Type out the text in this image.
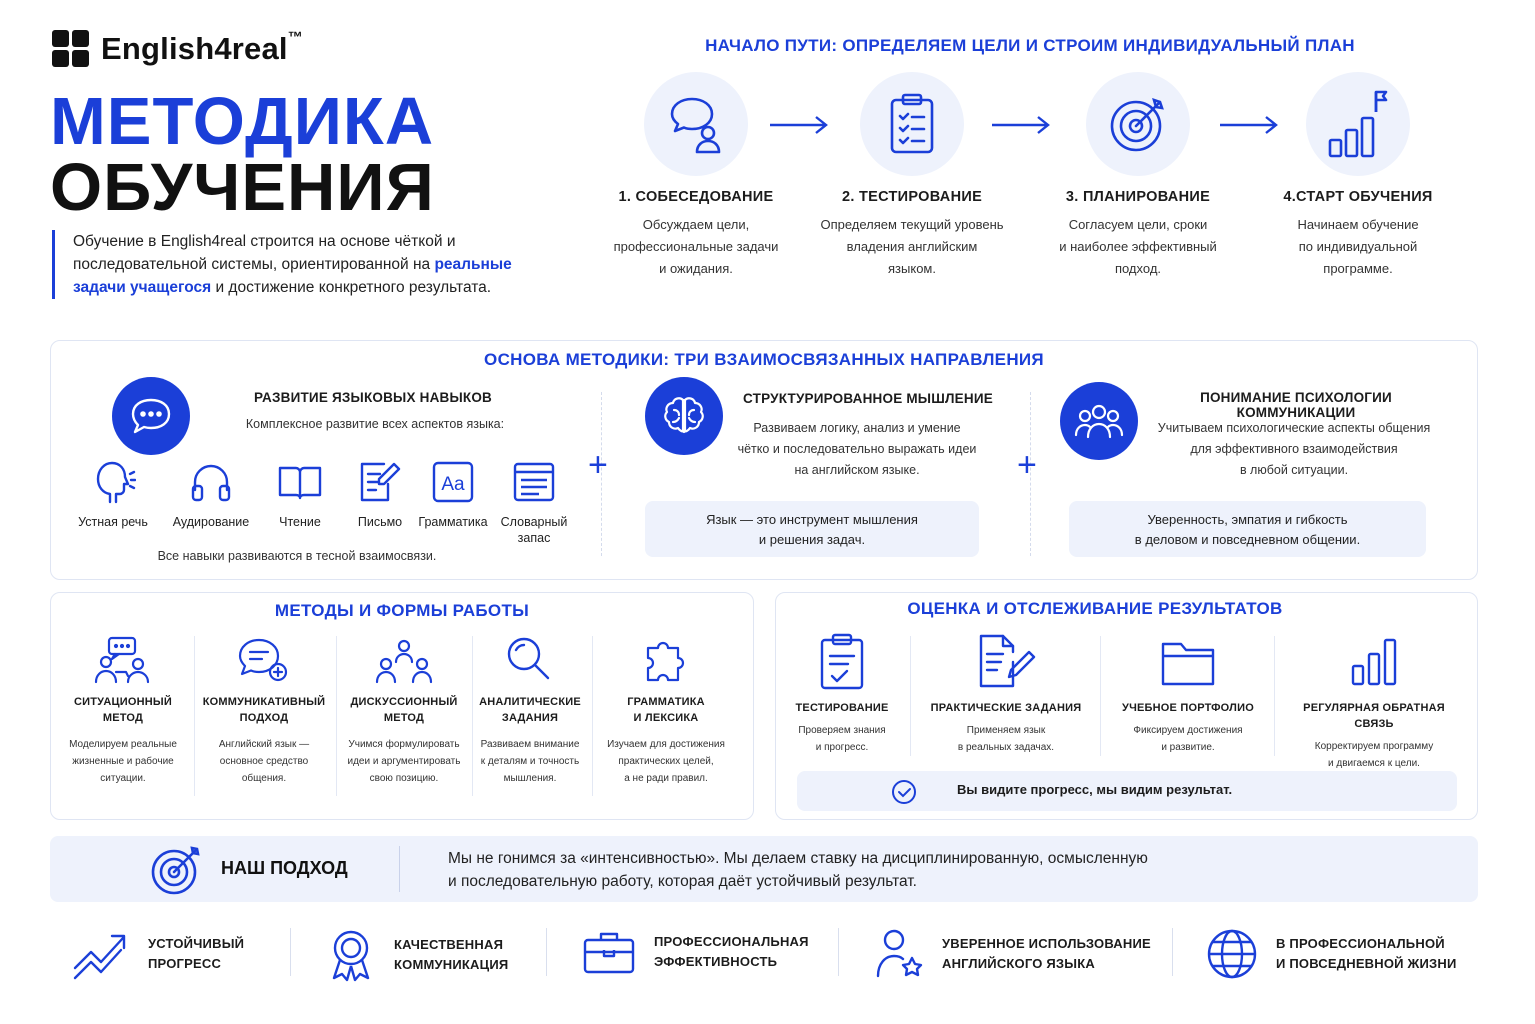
English4real™
МЕТОДИКА
ОБУЧЕНИЯ
Обучение в English4real строится на основе чёткой и последовательной системы, ориентированной на реальные задачи учащегося и достижение конкретного результата.
НАЧАЛО ПУТИ: ОПРЕДЕЛЯЕМ ЦЕЛИ И СТРОИМ ИНДИВИДУАЛЬНЫЙ ПЛАН
1. СОБЕСЕДОВАНИЕ
Обсуждаем цели,
профессиональные задачи
и ожидания.
2. ТЕСТИРОВАНИЕ
Определяем текущий уровень
владения английским
языком.
3. ПЛАНИРОВАНИЕ
Согласуем цели, сроки
и наиболее эффективный
подход.
4.СТАРТ ОБУЧЕНИЯ
Начинаем обучение
по индивидуальной
программе.
ОСНОВА МЕТОДИКИ: ТРИ ВЗАИМОСВЯЗАННЫХ НАПРАВЛЕНИЯ
РАЗВИТИЕ ЯЗЫКОВЫХ НАВЫКОВ
Комплексное развитие всех аспектов языка:
Устная речь	Аудирование	Чтение	Письмо
Aa
Грамматика	Словарный запас
Все навыки развиваются в тесной взаимосвязи.
+
СТРУКТУРИРОВАННОЕ МЫШЛЕНИЕ
Развиваем логику, анализ и умение
чётко и последовательно выражать идеи
на английском языке.
Язык — это инструмент мышления
и решения задач.
+
ПОНИМАНИЕ ПСИХОЛОГИИ КОММУНИКАЦИИ
Учитываем психологические аспекты общения
для эффективного взаимодействия
в любой ситуации.
Уверенность, эмпатия и гибкость
в деловом и повседневном общении.
МЕТОДЫ И ФОРМЫ РАБОТЫ
СИТУАЦИОННЫЙ
МЕТОД
Моделируем реальные
жизненные и рабочие
ситуации.
КОММУНИКАТИВНЫЙ
ПОДХОД
Английский язык —
основное средство
общения.
ДИСКУССИОННЫЙ
МЕТОД
Учимся формулировать
идеи и аргументировать
свою позицию.
АНАЛИТИЧЕСКИЕ
ЗАДАНИЯ
Развиваем внимание
к деталям и точность
мышления.
ГРАММАТИКА
И ЛЕКСИКА
Изучаем для достижения
практических целей,
а не ради правил.
ОЦЕНКА И ОТСЛЕЖИВАНИЕ РЕЗУЛЬТАТОВ
ТЕСТИРОВАНИЕ
Проверяем знания
и прогресс.
ПРАКТИЧЕСКИЕ ЗАДАНИЯ
Применяем язык
в реальных задачах.
УЧЕБНОЕ ПОРТФОЛИО
Фиксируем достижения
и развитие.
РЕГУЛЯРНАЯ ОБРАТНАЯ СВЯЗЬ
Корректируем программу
и двигаемся к цели.
Вы видите прогресс, мы видим результат.
НАШ ПОДХОД	Мы не гонимся за «интенсивностью». Мы делаем ставку на дисциплинированную, осмысленную
и последовательную работу, которая даёт устойчивый результат.
УСТОЙЧИВЫЙ
ПРОГРЕСС
КАЧЕСТВЕННАЯ
КОММУНИКАЦИЯ
ПРОФЕССИОНАЛЬНАЯ
ЭФФЕКТИВНОСТЬ
УВЕРЕННОЕ ИСПОЛЬЗОВАНИЕ
АНГЛИЙСКОГО ЯЗЫКА
В ПРОФЕССИОНАЛЬНОЙ
И ПОВСЕДНЕВНОЙ ЖИЗНИ
